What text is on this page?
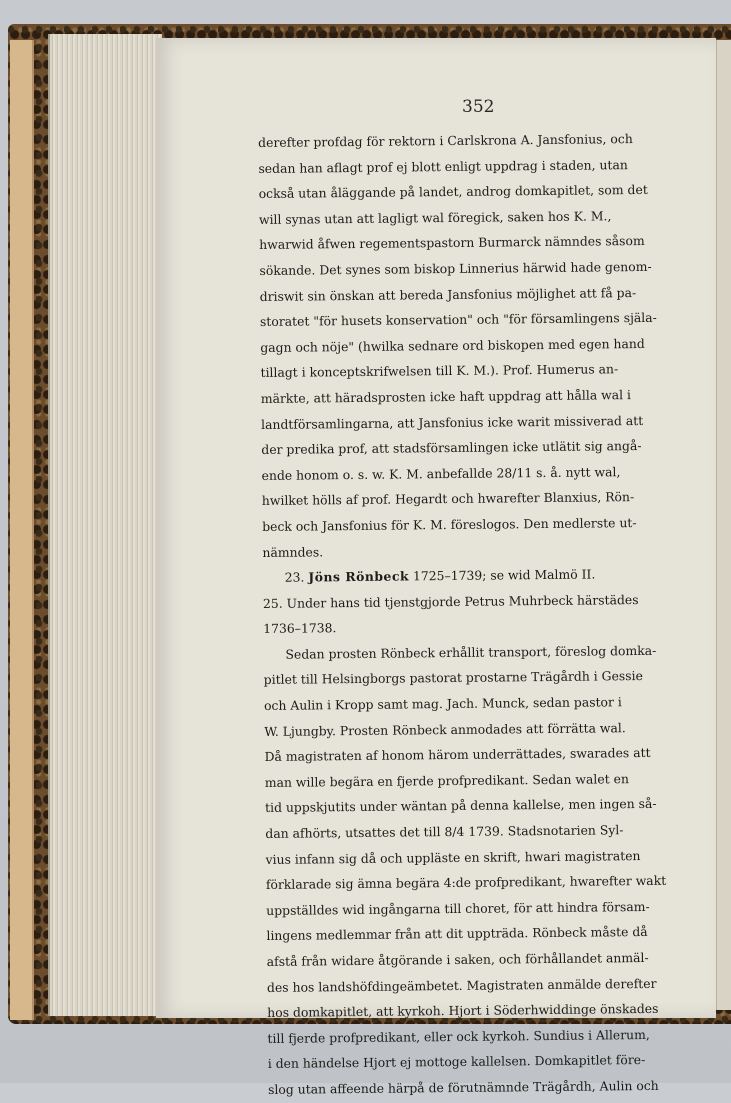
352
derefter profdag för rektorn i Carlskrona A. Jansfonius, och
sedan han aflagt prof ej blott enligt uppdrag i staden, utan
också utan åläggande på landet, androg domkapitlet, som det
will synas utan att lagligt wal föregick, saken hos K. M.,
hwarwid åfwen regementspastorn Burmarck nämndes såsom
sökande. Det synes som biskop Linnerius härwid hade genom-
driswit sin önskan att bereda Jansfonius möjlighet att få pa-
storatet "för husets konservation" och "för församlingens själa-
gagn och nöje" (hwilka sednare ord biskopen med egen hand
tillagt i konceptskrifwelsen till K. M.). Prof. Humerus an-
märkte, att häradsprosten icke haft uppdrag att hålla wal i
landtförsamlingarna, att Jansfonius icke warit missiverad att
der predika prof, att stadsförsamlingen icke utlätit sig angå-
ende honom o. s. w. K. M. anbefallde 28/11 s. å. nytt wal,
hwilket hölls af prof. Hegardt och hwarefter Blanxius, Rön-
beck och Jansfonius för K. M. föreslogos. Den medlerste ut-
nämndes.
23. Jöns Rönbeck 1725–1739; se wid Malmö II.
25. Under hans tid tjenstgjorde Petrus Muhrbeck härstädes
1736–1738.
Sedan prosten Rönbeck erhållit transport, föreslog domka-
pitlet till Helsingborgs pastorat prostarne Trägårdh i Gessie
och Aulin i Kropp samt mag. Jach. Munck, sedan pastor i
W. Ljungby. Prosten Rönbeck anmodades att förrätta wal.
Då magistraten af honom härom underrättades, swarades att
man wille begära en fjerde profpredikant. Sedan walet en
tid uppskjutits under wäntan på denna kallelse, men ingen så-
dan afhörts, utsattes det till 8/4 1739. Stadsnotarien Syl-
vius infann sig då och uppläste en skrift, hwari magistraten
förklarade sig ämna begära 4:de profpredikant, hwarefter wakt
uppställdes wid ingångarna till choret, för att hindra försam-
lingens medlemmar från att dit uppträda. Rönbeck måste då
afstå från widare åtgörande i saken, och förhållandet anmäl-
des hos landshöfdingeämbetet. Magistraten anmälde derefter
hos domkapitlet, att kyrkoh. Hjort i Söderhwiddinge önskades
till fjerde profpredikant, eller ock kyrkoh. Sundius i Allerum,
i den händelse Hjort ej mottoge kallelsen. Domkapitlet före-
slog utan affeende härpå de förutnämnde Trägårdh, Aulin och
